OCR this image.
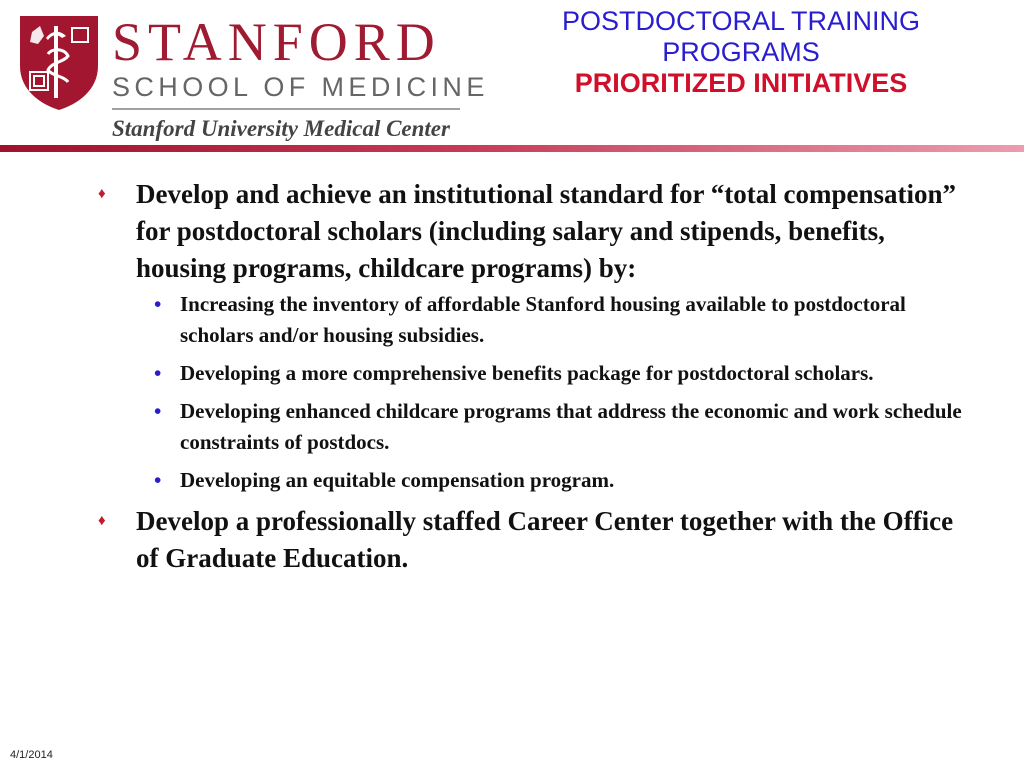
STANFORD
SCHOOL OF MEDICINE
Stanford University Medical Center
POSTDOCTORAL TRAINING
PROGRAMS
PRIORITIZED INITIATIVES
♦ Develop and achieve an institutional standard for “total compensation” for postdoctoral scholars (including salary and stipends, benefits, housing programs, childcare programs) by:
• Increasing the inventory of affordable Stanford housing available to postdoctoral scholars and/or housing subsidies.
• Developing a more comprehensive benefits package for postdoctoral scholars.
• Developing enhanced childcare programs that address the economic and work schedule constraints of postdocs.
• Developing an equitable compensation program.
♦ Develop a professionally staffed Career Center together with the Office of Graduate Education.
4/1/2014
